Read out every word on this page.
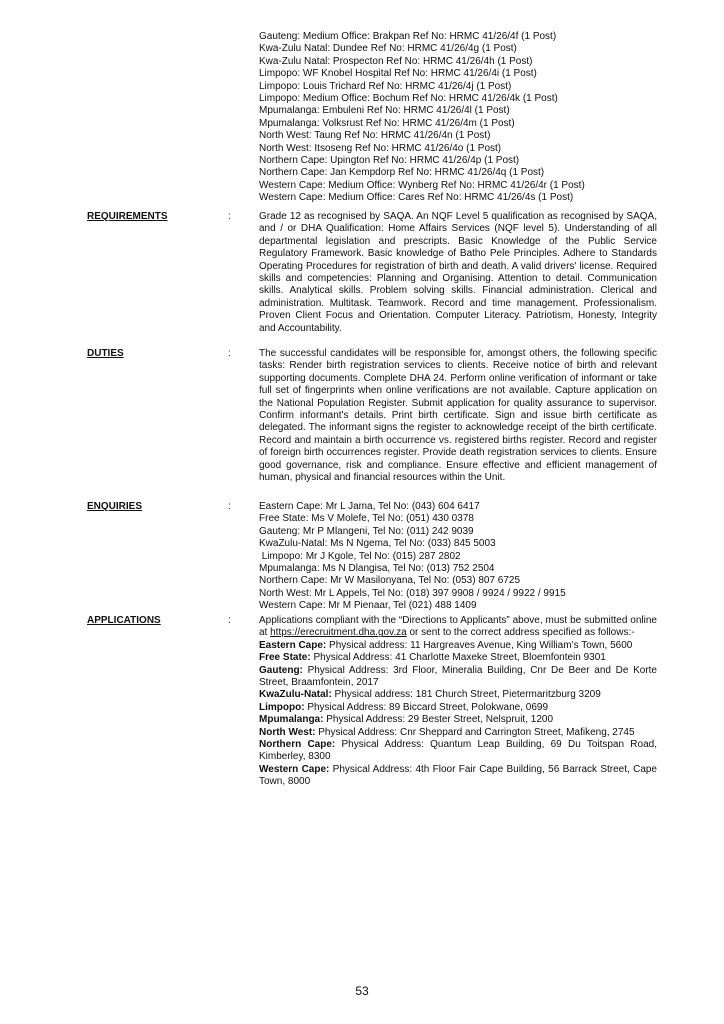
Gauteng: Medium Office: Brakpan Ref No: HRMC 41/26/4f (1 Post)
Kwa-Zulu Natal: Dundee Ref No: HRMC 41/26/4g (1 Post)
Kwa-Zulu Natal: Prospecton Ref No: HRMC 41/26/4h (1 Post)
Limpopo: WF Knobel Hospital Ref No: HRMC 41/26/4i (1 Post)
Limpopo: Louis Trichard Ref No: HRMC 41/26/4j (1 Post)
Limpopo: Medium Office: Bochum Ref No: HRMC 41/26/4k (1 Post)
Mpumalanga: Embuleni Ref No: HRMC 41/26/4l (1 Post)
Mpumalanga: Volksrust Ref No: HRMC 41/26/4m (1 Post)
North West: Taung Ref No: HRMC 41/26/4n (1 Post)
North West: Itsoseng Ref No: HRMC 41/26/4o (1 Post)
Northern Cape: Upington Ref No: HRMC 41/26/4p (1 Post)
Northern Cape: Jan Kempdorp Ref No: HRMC 41/26/4q (1 Post)
Western Cape: Medium Office: Wynberg Ref No: HRMC 41/26/4r (1 Post)
Western Cape: Medium Office: Cares Ref No: HRMC 41/26/4s (1 Post)
REQUIREMENTS	:	Grade 12 as recognised by SAQA. An NQF Level 5 qualification as recognised by SAQA, and / or DHA Qualification: Home Affairs Services (NQF level 5). Understanding of all departmental legislation and prescripts. Basic Knowledge of the Public Service Regulatory Framework. Basic knowledge of Batho Pele Principles. Adhere to Standards Operating Procedures for registration of birth and death. A valid drivers' license. Required skills and competencies: Planning and Organising. Attention to detail. Communication skills. Analytical skills. Problem solving skills. Financial administration. Clerical and administration. Multitask. Teamwork. Record and time management. Professionalism. Proven Client Focus and Orientation. Computer Literacy. Patriotism, Honesty, Integrity and Accountability.
DUTIES	:	The successful candidates will be responsible for, amongst others, the following specific tasks: Render birth registration services to clients. Receive notice of birth and relevant supporting documents. Complete DHA 24. Perform online verification of informant or take full set of fingerprints when online verifications are not available. Capture application on the National Population Register. Submit application for quality assurance to supervisor. Confirm informant's details. Print birth certificate. Sign and issue birth certificate as delegated. The informant signs the register to acknowledge receipt of the birth certificate. Record and maintain a birth occurrence vs. registered births register. Record and register of foreign birth occurrences register. Provide death registration services to clients. Ensure good governance, risk and compliance. Ensure effective and efficient management of human, physical and financial resources within the Unit.
ENQUIRIES	:	Eastern Cape: Mr L Jama, Tel No: (043) 604 6417
Free State: Ms V Molefe, Tel No: (051) 430 0378
Gauteng: Mr P Mlangeni, Tel No: (011) 242 9039
KwaZulu-Natal: Ms N Ngema, Tel No: (033) 845 5003
Limpopo: Mr J Kgole, Tel No: (015) 287 2802
Mpumalanga: Ms N Dlangisa, Tel No: (013) 752 2504
Northern Cape: Mr W Masilonyana, Tel No: (053) 807 6725
North West: Mr L Appels, Tel No: (018) 397 9908 / 9924 / 9922 / 9915
Western Cape: Mr M Pienaar, Tel (021) 488 1409
APPLICATIONS	:	Applications compliant with the “Directions to Applicants” above, must be submitted online at https://erecruitment.dha.gov.za or sent to the correct address specified as follows:-
Eastern Cape: Physical address: 11 Hargreaves Avenue, King William’s Town, 5600
Free State: Physical Address: 41 Charlotte Maxeke Street, Bloemfontein 9301
Gauteng: Physical Address: 3rd Floor, Mineralia Building, Cnr De Beer and De Korte Street, Braamfontein, 2017
KwaZulu-Natal: Physical address: 181 Church Street, Pietermaritzburg 3209
Limpopo: Physical Address: 89 Biccard Street, Polokwane, 0699
Mpumalanga: Physical Address: 29 Bester Street, Nelspruit, 1200
North West: Physical Address: Cnr Sheppard and Carrington Street, Mafikeng, 2745
Northern Cape: Physical Address: Quantum Leap Building, 69 Du Toitspan Road, Kimberley, 8300
Western Cape: Physical Address: 4th Floor Fair Cape Building, 56 Barrack Street, Cape Town, 8000
53
